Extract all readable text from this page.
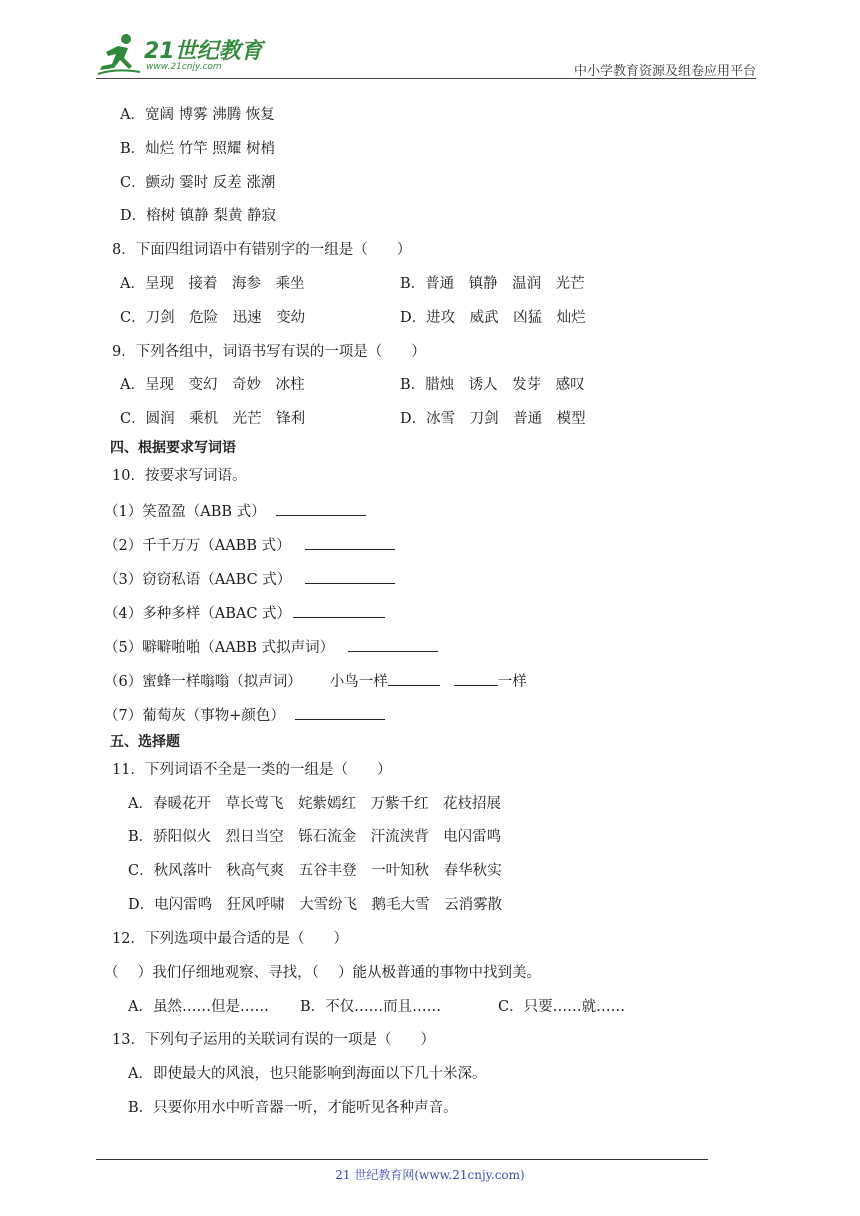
21世纪教育
www.21cnjy.com	中小学教育资源及组卷应用平台
A．宽阔 博雾 沸腾 恢复
B．灿烂 竹竿 照耀 树梢
C．颤动 霎时 反差 涨潮
D．榕树 镇静 梨黄 静寂
8．下面四组词语中有错别字的一组是（　　）
A．呈现　接着　海参　乘坐	B．普通　镇静　温润　光芒
C．刀剑　危险　迅速　变幼	D．进攻　威武　凶猛　灿烂
9．下列各组中，词语书写有误的一项是（　　）
A．呈现　变幻　奇妙　冰柱	B．腊烛　诱人　发芽　感叹
C．圆润　乘机　光芒　锋利	D．冰雪　刀剑　普通　模型
四、根据要求写词语
10．按要求写词语。
（1）笑盈盈（ABB 式）
（2）千千万万（AABB 式）
（3）窃窃私语（AABC 式）
（4）多种多样（ABAC 式）
（5）噼噼啪啪（AABB 式拟声词）
（6）蜜蜂一样嗡嗡（拟声词） 小鸟一样	一样
（7）葡萄灰（事物+颜色）
五、选择题
11．下列词语不全是一类的一组是（　　）
A．春暖花开　草长莺飞　姹紫嫣红　万紫千红　花枝招展
B．骄阳似火　烈日当空　铄石流金　汗流浃背　电闪雷鸣
C．秋风落叶　秋高气爽　五谷丰登　一叶知秋　春华秋实
D．电闪雷鸣　狂风呼啸　大雪纷飞　鹅毛大雪　云消雾散
12．下列选项中最合适的是（　　）
（　 ）我们仔细地观察、寻找，（　 ）能从极普通的事物中找到美。
A．虽然……但是…… B．不仅……而且……	C．只要……就……
13．下列句子运用的关联词有误的一项是（　　）
A．即使最大的风浪，也只能影响到海面以下几十米深。
B．只要你用水中听音器一听，才能听见各种声音。
21 世纪教育网(www.21cnjy.com)
